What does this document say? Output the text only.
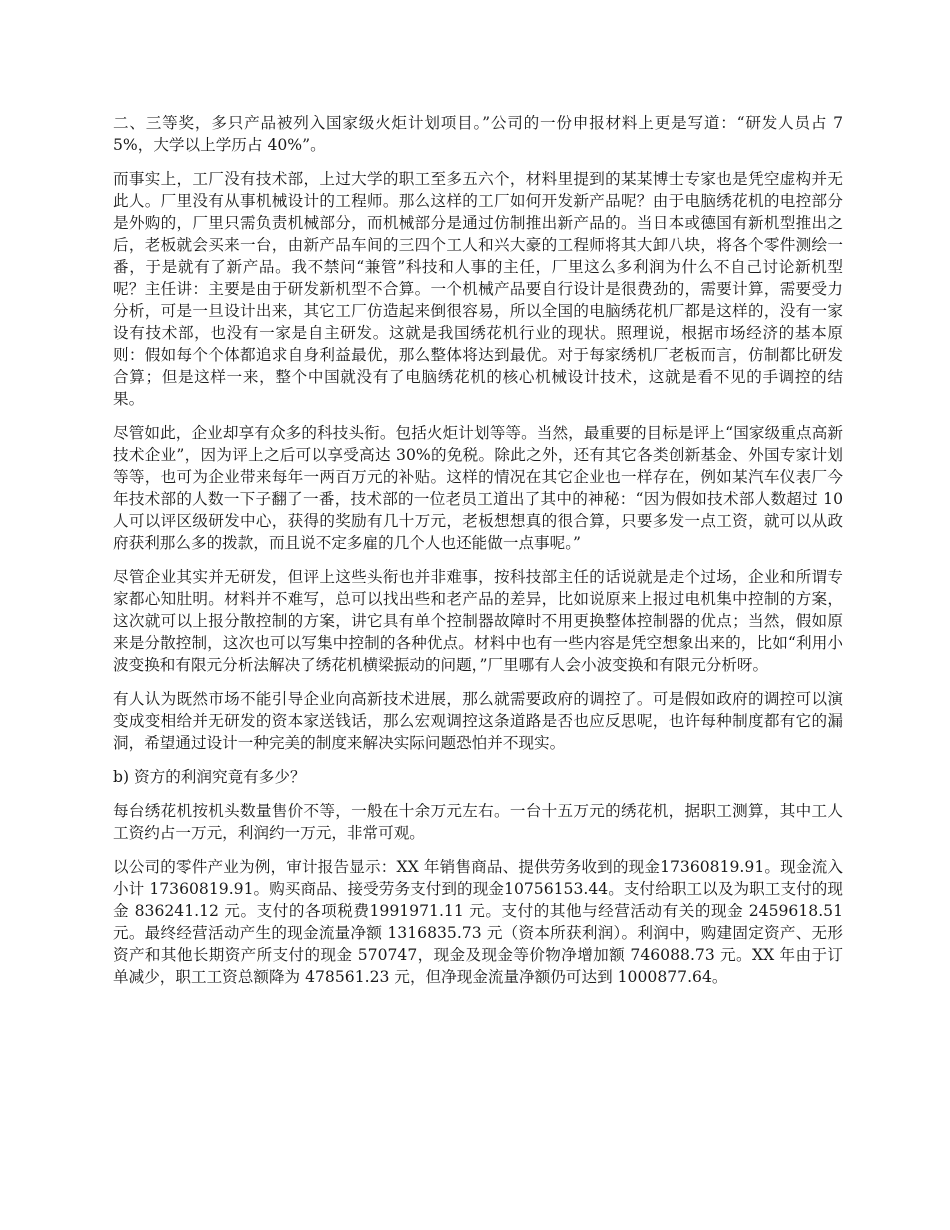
二、三等奖，多只产品被列入国家级火炬计划项目。”公司的一份申报材料上更是写道：“研发人员占 75%，大学以上学历占 40%”。

而事实上，工厂没有技术部，上过大学的职工至多五六个，材料里提到的某某博士专家也是凭空虚构并无此人。厂里没有从事机械设计的工程师。那么这样的工厂如何开发新产品呢？由于电脑绣花机的电控部分是外购的，厂里只需负责机械部分，而机械部分是通过仿制推出新产品的。当日本或德国有新机型推出之后，老板就会买来一台，由新产品车间的三四个工人和兴大豪的工程师将其大卸八块，将各个零件测绘一番，于是就有了新产品。我不禁问“兼管”科技和人事的主任，厂里这么多利润为什么不自己讨论新机型呢？主任讲：主要是由于研发新机型不合算。一个机械产品要自行设计是很费劲的，需要计算，需要受力分析，可是一旦设计出来，其它工厂仿造起来倒很容易，所以全国的电脑绣花机厂都是这样的，没有一家设有技术部，也没有一家是自主研发。这就是我国绣花机行业的现状。照理说，根据市场经济的基本原则：假如每个个体都追求自身利益最优，那么整体将达到最优。对于每家绣机厂老板而言，仿制都比研发合算；但是这样一来，整个中国就没有了电脑绣花机的核心机械设计技术，这就是看不见的手调控的结果。

尽管如此，企业却享有众多的科技头衔。包括火炬计划等等。当然，最重要的目标是评上“国家级重点高新技术企业”，因为评上之后可以享受高达 30%的免税。除此之外，还有其它各类创新基金、外国专家计划等等，也可为企业带来每年一两百万元的补贴。这样的情况在其它企业也一样存在，例如某汽车仪表厂今年技术部的人数一下子翻了一番，技术部的一位老员工道出了其中的神秘：“因为假如技术部人数超过 10 人可以评区级研发中心，获得的奖励有几十万元，老板想想真的很合算，只要多发一点工资，就可以从政府获利那么多的拨款，而且说不定多雇的几个人也还能做一点事呢。”

尽管企业其实并无研发，但评上这些头衔也并非难事，按科技部主任的话说就是走个过场，企业和所谓专家都心知肚明。材料并不难写，总可以找出些和老产品的差异，比如说原来上报过电机集中控制的方案，这次就可以上报分散控制的方案，讲它具有单个控制器故障时不用更换整体控制器的优点；当然，假如原来是分散控制，这次也可以写集中控制的各种优点。材料中也有一些内容是凭空想象出来的，比如“利用小波变换和有限元分析法解决了绣花机横梁振动的问题，”厂里哪有人会小波变换和有限元分析呀。

有人认为既然市场不能引导企业向高新技术进展，那么就需要政府的调控了。可是假如政府的调控可以演变成变相给并无研发的资本家送钱话，那么宏观调控这条道路是否也应反思呢，也许每种制度都有它的漏洞，希望通过设计一种完美的制度来解决实际问题恐怕并不现实。

b) 资方的利润究竟有多少？

每台绣花机按机头数量售价不等，一般在十余万元左右。一台十五万元的绣花机，据职工测算，其中工人工资约占一万元，利润约一万元，非常可观。

以公司的零件产业为例，审计报告显示：XX 年销售商品、提供劳务收到的现金17360819.91。现金流入小计 17360819.91。购买商品、接受劳务支付到的现金10756153.44。支付给职工以及为职工支付的现金 836241.12 元。支付的各项税费1991971.11 元。支付的其他与经营活动有关的现金 2459618.51 元。最终经营活动产生的现金流量净额 1316835.73 元（资本所获利润）。利润中，购建固定资产、无形资产和其他长期资产所支付的现金 570747，现金及现金等价物净增加额 746088.73 元。XX 年由于订单减少，职工工资总额降为 478561.23 元，但净现金流量净额仍可达到 1000877.64。
